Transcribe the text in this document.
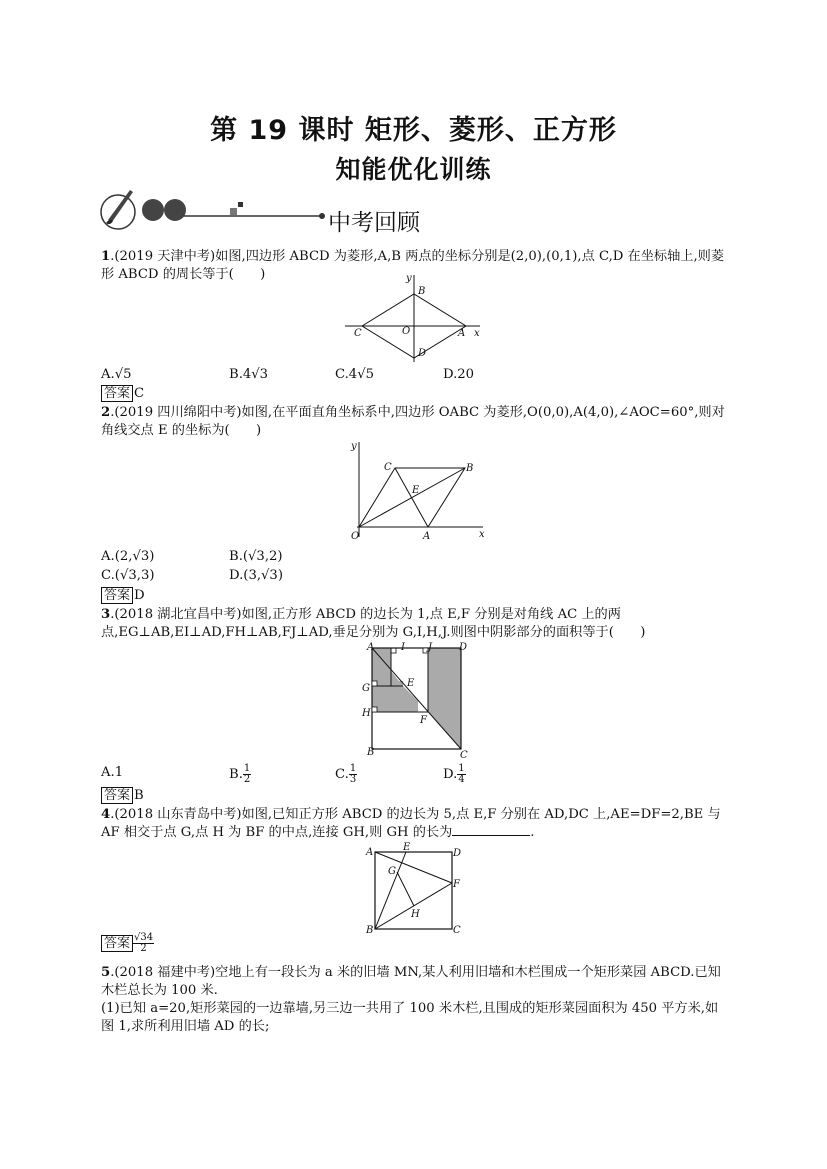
第 19 课时 矩形、菱形、正方形
知能优化训练
中考回顾

1.(2019 天津中考)如图,四边形 ABCD 为菱形,A,B 两点的坐标分别是(2,0),(0,1),点 C,D 在坐标轴上,则菱形 ABCD 的周长等于(　　)	y
B
C	O	A x
D
A.√5	B.4√3	C.4√5	D.20
答案 C

2.(2019 四川绵阳中考)如图,在平面直角坐标系中,四边形 OABC 为菱形,O(0,0),A(4,0),∠AOC=60°,则对角线交点 E 的坐标为(　　)

y
C	B
E
O	A	x
A.(2,√3)	B.(√3,2)
C.(√3,3)	D.(3,√3)
答案 D

3.(2018 湖北宜昌中考)如图,正方形 ABCD 的边长为 1,点 E,F 分别是对角线 AC 上的两点,EG⊥AB,EI⊥AD,FH⊥AB,FJ⊥AD,垂足分别为 G,I,H,J.则图中阴影部分的面积等于(　　)

A	I J	D
G	E
H
F
B	C
A.1	B. $\frac{1}{2}$	C. $\frac{1}{3}$	D. $\frac{1}{4}$
答案 B

4.(2018 山东青岛中考)如图,已知正方形 ABCD 的边长为 5,点 E,F 分别在 AD,DC 上,AE=DF=2,BE 与 AF 相交于点 G,点 H 为 BF 的中点,连接 GH,则 GH 的长为	.

A	E
D
G
F
H
B	C
答案 $\frac{√34}{2}$

5.(2018 福建中考)空地上有一段长为 a 米的旧墙 MN,某人利用旧墙和木栏围成一个矩形菜园 ABCD.已知木栏总长为 100 米.

(1)已知 a=20,矩形菜园的一边靠墙,另三边一共用了 100 米木栏,且围成的矩形菜园面积为 450 平方米,如图 1,求所利用旧墙 AD 的长;
